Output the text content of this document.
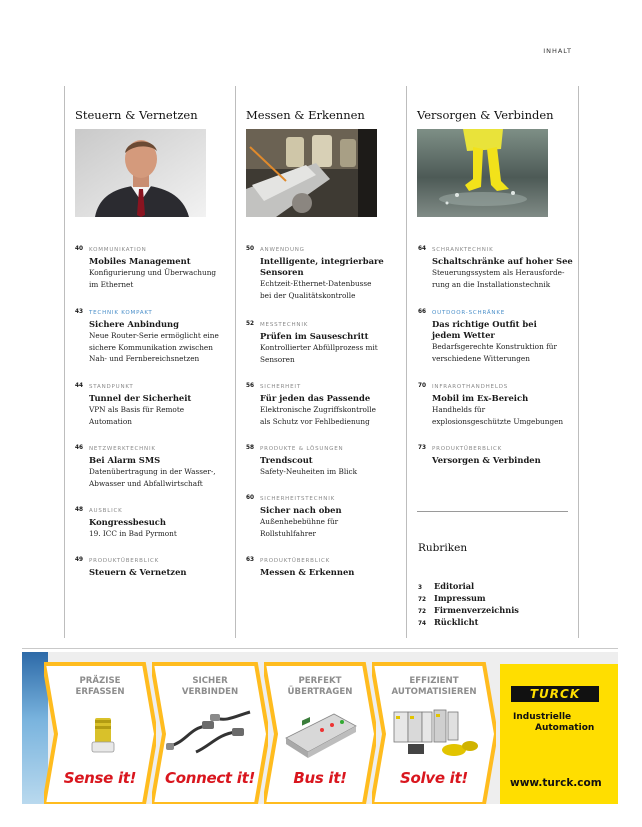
INHALT
Steuern & Vernetzen	Messen & Erkennen	Versorgen & Verbinden
40 KOMMUNIKATION
Mobiles Management
Konfigurierung und Überwachung
im Ethernet
43 TECHNIK KOMPAKT
Sichere Anbindung
Neue Router-Serie ermöglicht eine
sichere Kommunikation zwischen
Nah- und Fernbereichsnetzen
44 STANDPUNKT
Tunnel der Sicherheit
VPN als Basis für Remote
Automation
46 NETZWERKTECHNIK
Bei Alarm SMS
Datenübertragung in der Wasser-,
Abwasser und Abfallwirtschaft
48 AUSBLICK
Kongressbesuch
19. ICC in Bad Pyrmont
49 PRODUKTÜBERBLICK
Steuern & Vernetzen
50 ANWENDUNG
Intelligente, integrierbare Sensoren
Echtzeit-Ethernet-Datenbusse
bei der Qualitätskontrolle
52 MESSTECHNIK
Prüfen im Sauseschritt
Kontrollierter Abfüllprozess mit
Sensoren
56 SICHERHEIT
Für jeden das Passende
Elektronische Zugriffskontrolle
als Schutz vor Fehlbedienung
58 PRODUKTE & LÖSUNGEN
Trendscout
Safety-Neuheiten im Blick
60 SICHERHEITSTECHNIK
Sicher nach oben
Außenhebebühne für
Rollstuhlfahrer
63 PRODUKTÜBERBLICK
Messen & Erkennen
64 SCHRANKTECHNIK
Schaltschränke auf hoher See
Steuerungssystem als Herausforde-
rung an die Installationstechnik
66 OUTDOOR-SCHRÄNKE
Das richtige Outfit bei jedem Wetter
Bedarfsgerechte Konstruktion für
verschiedene Witterungen
70 INFRAROTHANDHELDS
Mobil im Ex-Bereich
Handhelds für
explosionsgeschützte Umgebungen
73 PRODUKTÜBERBLICK
Versorgen & Verbinden
Rubriken
3 Editorial
72 Impressum
72 Firmenverzeichnis
74 Rücklicht
PRÄZISE
ERFASSEN
Sense it!
SICHER
VERBINDEN
Connect it!
PERFEKT
ÜBERTRAGEN
Bus it!
EFFIZIENT
AUTOMATISIEREN
Solve it!
TURCK
Industrielle
Automation
www.turck.com
